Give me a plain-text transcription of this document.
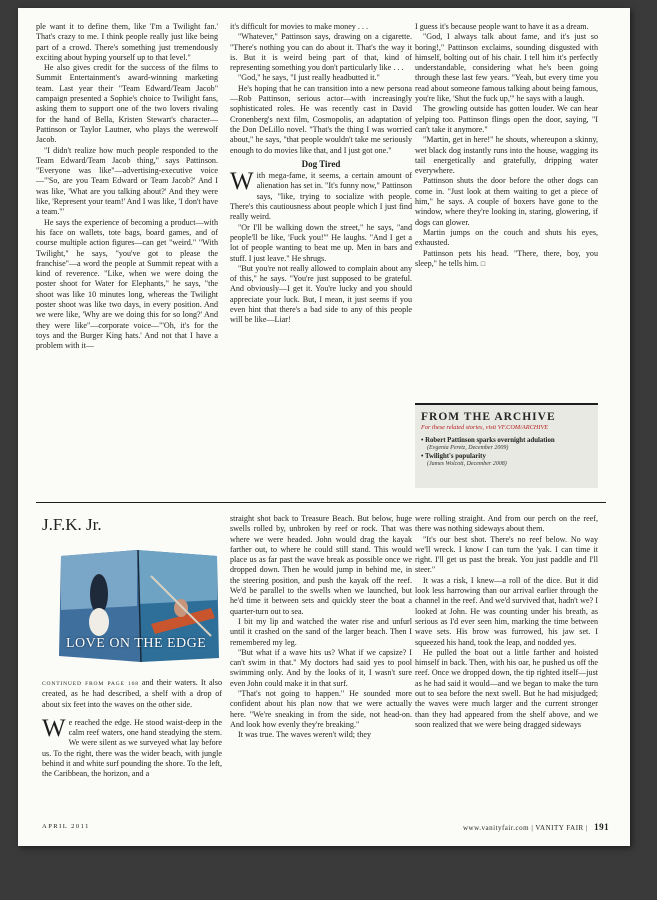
ple want it to define them, like 'I'm a Twilight fan.' That's crazy to me. I think people really just like being part of a crowd. There's something just tremendously exciting about hyping yourself up to that level."

He also gives credit for the success of the films to Summit Entertainment's award-winning marketing team. Last year their "Team Edward/Team Jacob" campaign presented a Sophie's choice to Twilight fans, asking them to support one of the two lovers rivaling for the hand of Bella, Kristen Stewart's character—Pattinson or Taylor Lautner, who plays the werewolf Jacob.

"I didn't realize how much people responded to the Team Edward/Team Jacob thing," says Pattinson. "Everyone was like"—advertising-executive voice—"'So, are you Team Edward or Team Jacob?' And I was like, 'What are you talking about?' And they were like, 'Represent your team!' And I was like, 'I don't have a team.'"

He says the experience of becoming a product—with his face on wallets, tote bags, board games, and of course multiple action figures—can get "weird." "With Twilight," he says, "you've got to please the franchise"—a word the people at Summit repeat with a kind of reverence. "Like, when we were doing the poster shoot for Water for Elephants," he says, "the shoot was like 10 minutes long, whereas the Twilight poster shoot was like two days, in every position. And we were like, 'Why are we doing this for so long?' And they were like"—corporate voice—"'Oh, it's for the toys and the Burger King hats.' And not that I have a problem with it—

it's difficult for movies to make money . . .

"Whatever," Pattinson says, drawing on a cigarette. "There's nothing you can do about it. That's the way it is. But it is weird being part of that, kind of representing something you don't particularly like . . .

"God," he says, "I just really headbutted it."

He's hoping that he can transition into a new persona—Rob Pattinson, serious actor—with increasingly sophisticated roles. He was recently cast in David Cronenberg's next film, Cosmopolis, an adaptation of the Don DeLillo novel. "That's the thing I was worried about," he says, "that people wouldn't take me seriously enough to do movies like that, and I just got one."

Dog Tired

With mega-fame, it seems, a certain amount of alienation has set in. "It's funny now," Pattinson says, "like, trying to socialize with people. There's this cautiousness about people which I just find really weird.

"Or I'll be walking down the street," he says, "and people'll be like, 'Fuck you!'" He laughs. "And I get a lot of people wanting to beat me up. Men in bars and stuff. I just leave." He shrugs.

"But you're not really allowed to complain about any of this," he says. "You're just supposed to be grateful. And obviously—I get it. You're lucky and you should appreciate your luck. But, I mean, it just seems if you even hint that there's a bad side to any of this people will be like—Liar!

I guess it's because people want to have it as a dream.

"God, I always talk about fame, and it's just so boring!," Pattinson exclaims, sounding disgusted with himself, bolting out of his chair. I tell him it's perfectly understandable, considering what he's been going through these last few years. "Yeah, but every time you read about someone famous talking about being famous, you're like, 'Shut the fuck up,'" he says with a laugh.

The growling outside has gotten louder. We can hear yelping too. Pattinson flings open the door, saying, "I can't take it anymore."

"Martin, get in here!" he shouts, whereupon a skinny, wet black dog instantly runs into the house, wagging its tail energetically and gratefully, dripping water everywhere.

Pattinson shuts the door before the other dogs can come in. "Just look at them waiting to get a piece of him," he says. A couple of boxers have gone to the window, where they're looking in, staring, glowering, if dogs can glower.

Martin jumps on the couch and shuts his eyes, exhausted.

Pattinson pets his head. "There, there, boy, you sleep," he tells him. □

FROM THE ARCHIVE
For these related stories, visit VF.COM/ARCHIVE
• Robert Pattinson sparks overnight adulation
(Evgenia Peretz, December 2009)
• Twilight's popularity
(James Wolcott, December 2008)
J.F.K. Jr.
LOVE ON THE EDGE

CONTINUED FROM PAGE 168 and their waters. It also created, as he had described, a shelf with a drop of about six feet into the waves on the other side.

We reached the edge. He stood waist-deep in the calm reef waters, one hand steadying the stern. We were silent as we surveyed what lay before us. To the right, there was the wider beach, with jungle behind it and white surf pounding the shore. To the left, the Caribbean, the horizon, and a

straight shot back to Treasure Beach. But below, huge swells rolled by, unbroken by reef or rock. That was where we were headed. John would drag the kayak farther out, to where he could still stand. This would place us as far past the wave break as possible once we dropped down. Then he would jump in behind me, in the steering position, and push the kayak off the reef. We'd be parallel to the swells when we launched, but he'd time it between sets and quickly steer the boat a quarter-turn out to sea.

I bit my lip and watched the water rise and unfurl until it crashed on the sand of the larger beach. Then I remembered my leg.

"But what if a wave hits us? What if we capsize? I can't swim in that." My doctors had said yes to pool swimming only. And by the looks of it, I wasn't sure even John could make it in that surf.

"That's not going to happen." He sounded more confident about his plan now that we were actually here. "We're sneaking in from the side, not head-on. And look how evenly they're breaking."

It was true. The waves weren't wild; they

were rolling straight. And from our perch on the reef, there was nothing sideways about them.

"It's our best shot. There's no reef below. No way we'll wreck. I know I can turn the 'yak. I can time it right. I'll get us past the break. You just paddle and I'll steer."

It was a risk, I knew—a roll of the dice. But it did look less harrowing than our arrival earlier through the channel in the reef. And we'd survived that, hadn't we? I looked at John. He was counting under his breath, as serious as I'd ever seen him, marking the time between wave sets. His brow was furrowed, his jaw set. I squeezed his hand, took the leap, and nodded yes.

He pulled the boat out a little farther and hoisted himself in back. Then, with his oar, he pushed us off the reef. Once we dropped down, the tip righted itself—just as he had said it would—and we began to make the turn out to sea before the next swell. But he had misjudged; the waves were much larger and the current stronger than they had appeared from the shelf above, and we soon realized that we were being dragged sideways

APRIL 2011	www.vanityfair.com | VANITY FAIR | 191
